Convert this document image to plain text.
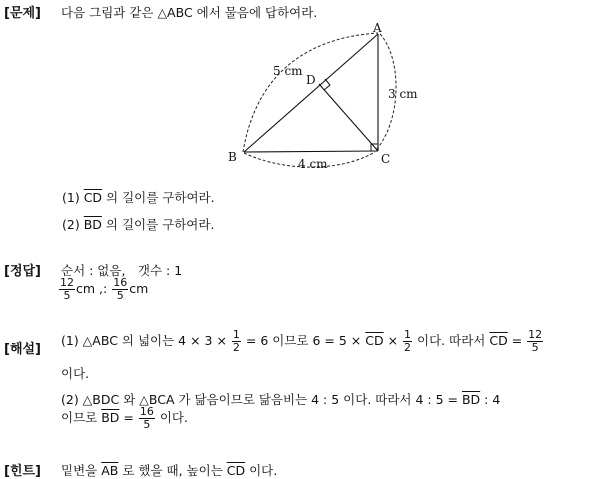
[문제] 다음 그림과 같은 △ABC 에서 물음에 답하여라.
A
B	C
D
5 cm
3 cm
4 cm
(1) $\overline{CD}$ 의 길이를 구하여라.
(2) $\overline{BD}$ 의 길이를 구하여라.
[정답] 순서 : 없음,　갯수 : 1
$\frac{12}{5}$ cm ,: $\frac{16}{5}$ cm
[해설]
(1) △ABC 의 넓이는 $4 \times 3 \times \frac{1}{2} = 6$ 이므로 $6 = 5 \times \overline{CD} \times \frac{1}{2}$ 이다. 따라서 $\overline{CD} = \frac{12}{5}$
이다.
(2) △BDC 와 △BCA 가 닮음이므로 닮음비는 4 : 5 이다. 따라서 4 : $5 = \overline{BD}$ : 4
이므로 $\overline{BD} = \frac{16}{5}$ 이다.
[힌트] 밑변을 $\overline{AB}$ 로 했을 때, 높이는 $\overline{CD}$ 이다.
